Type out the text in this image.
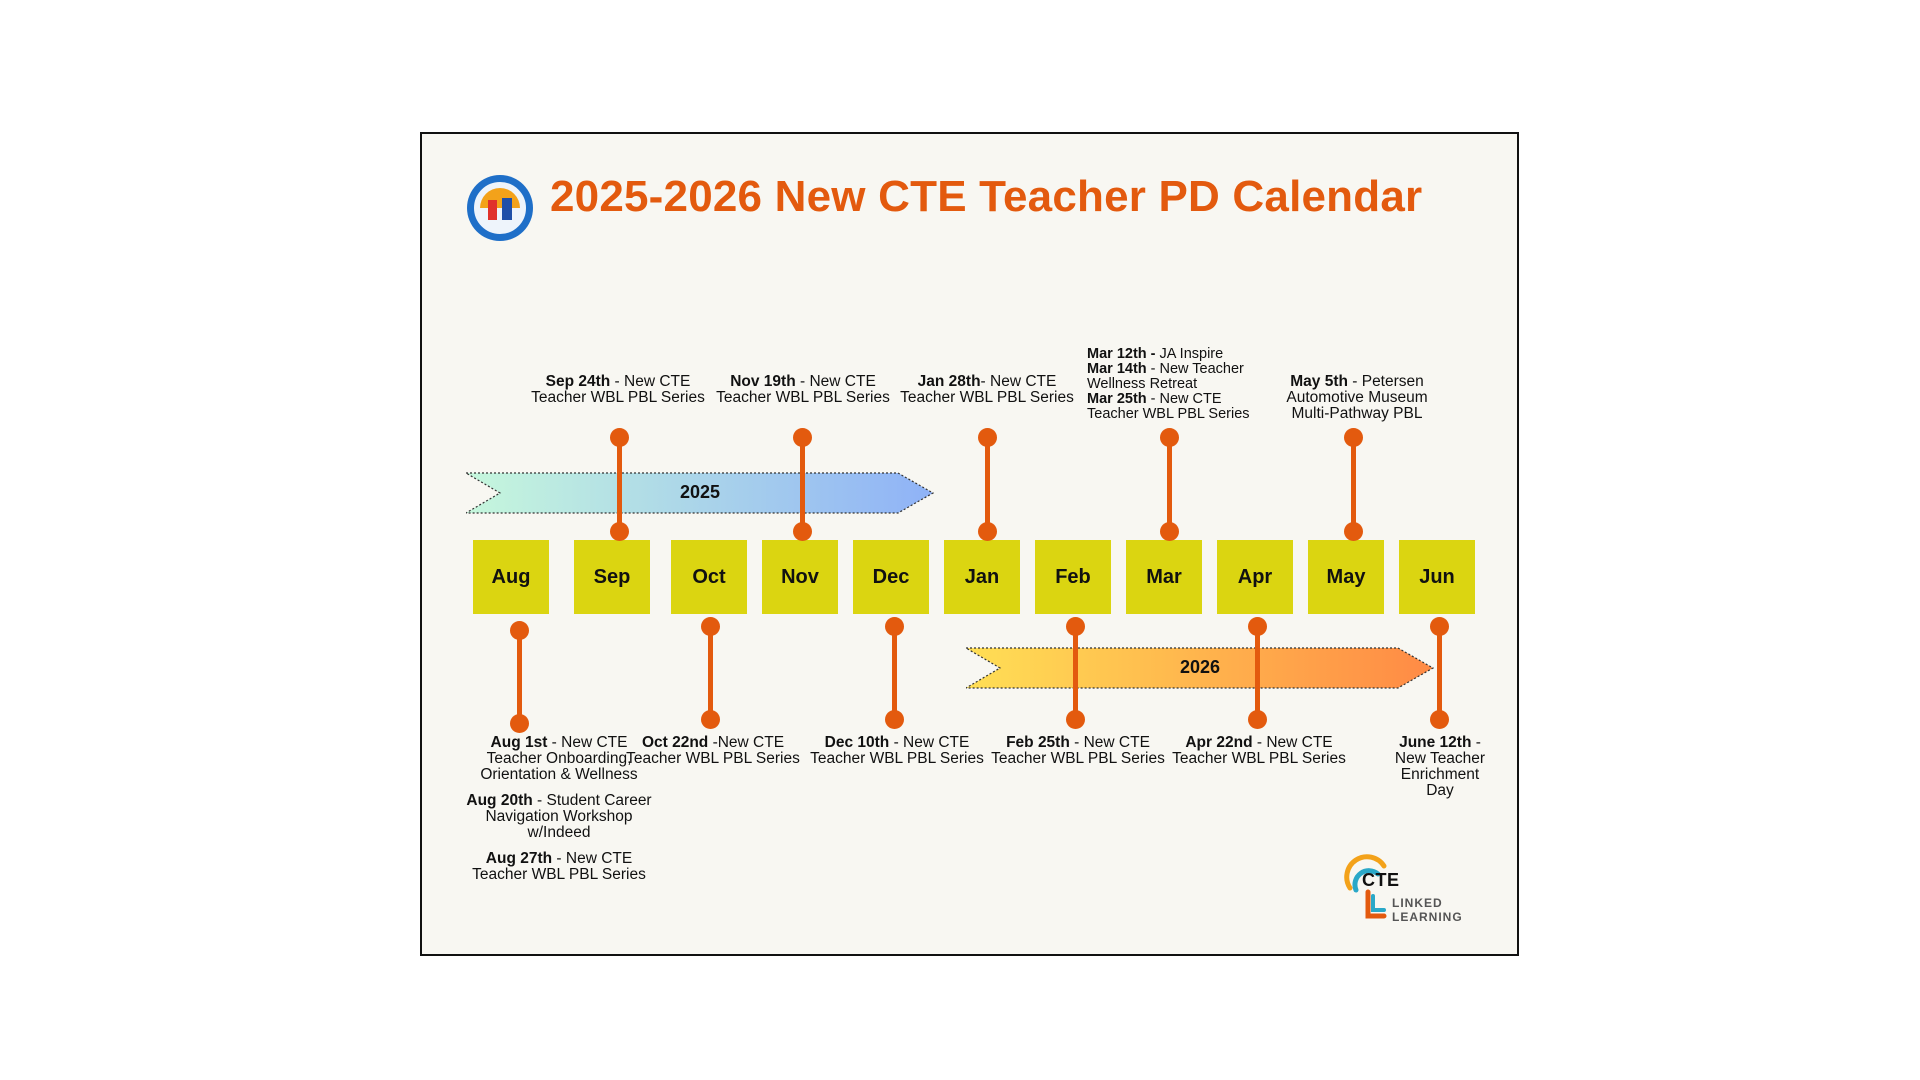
2025-2026 New CTE Teacher PD Calendar
2025
2026
Aug	Sep	Oct	Nov	Dec	Jan	Feb	Mar	Apr	May	Jun
Sep 24th - New CTE Teacher WBL PBL Series
Nov 19th - New CTE Teacher WBL PBL Series
Jan 28th- New CTE Teacher WBL PBL Series
Mar 12th - JA Inspire
Mar 14th - New Teacher Wellness Retreat
Mar 25th - New CTE Teacher WBL PBL Series
May 5th - Petersen Automotive Museum Multi-Pathway PBL
Aug 1st - New CTE Teacher Onboarding, Orientation & Wellness
Aug 20th - Student Career Navigation Workshop w/Indeed
Aug 27th - New CTE Teacher WBL PBL Series
Oct 22nd -New CTE Teacher WBL PBL Series
Dec 10th - New CTE Teacher WBL PBL Series
Feb 25th - New CTE Teacher WBL PBL Series
Apr 22nd - New CTE Teacher WBL PBL Series
June 12th - New Teacher Enrichment Day
CTE
LINKED
LEARNING
